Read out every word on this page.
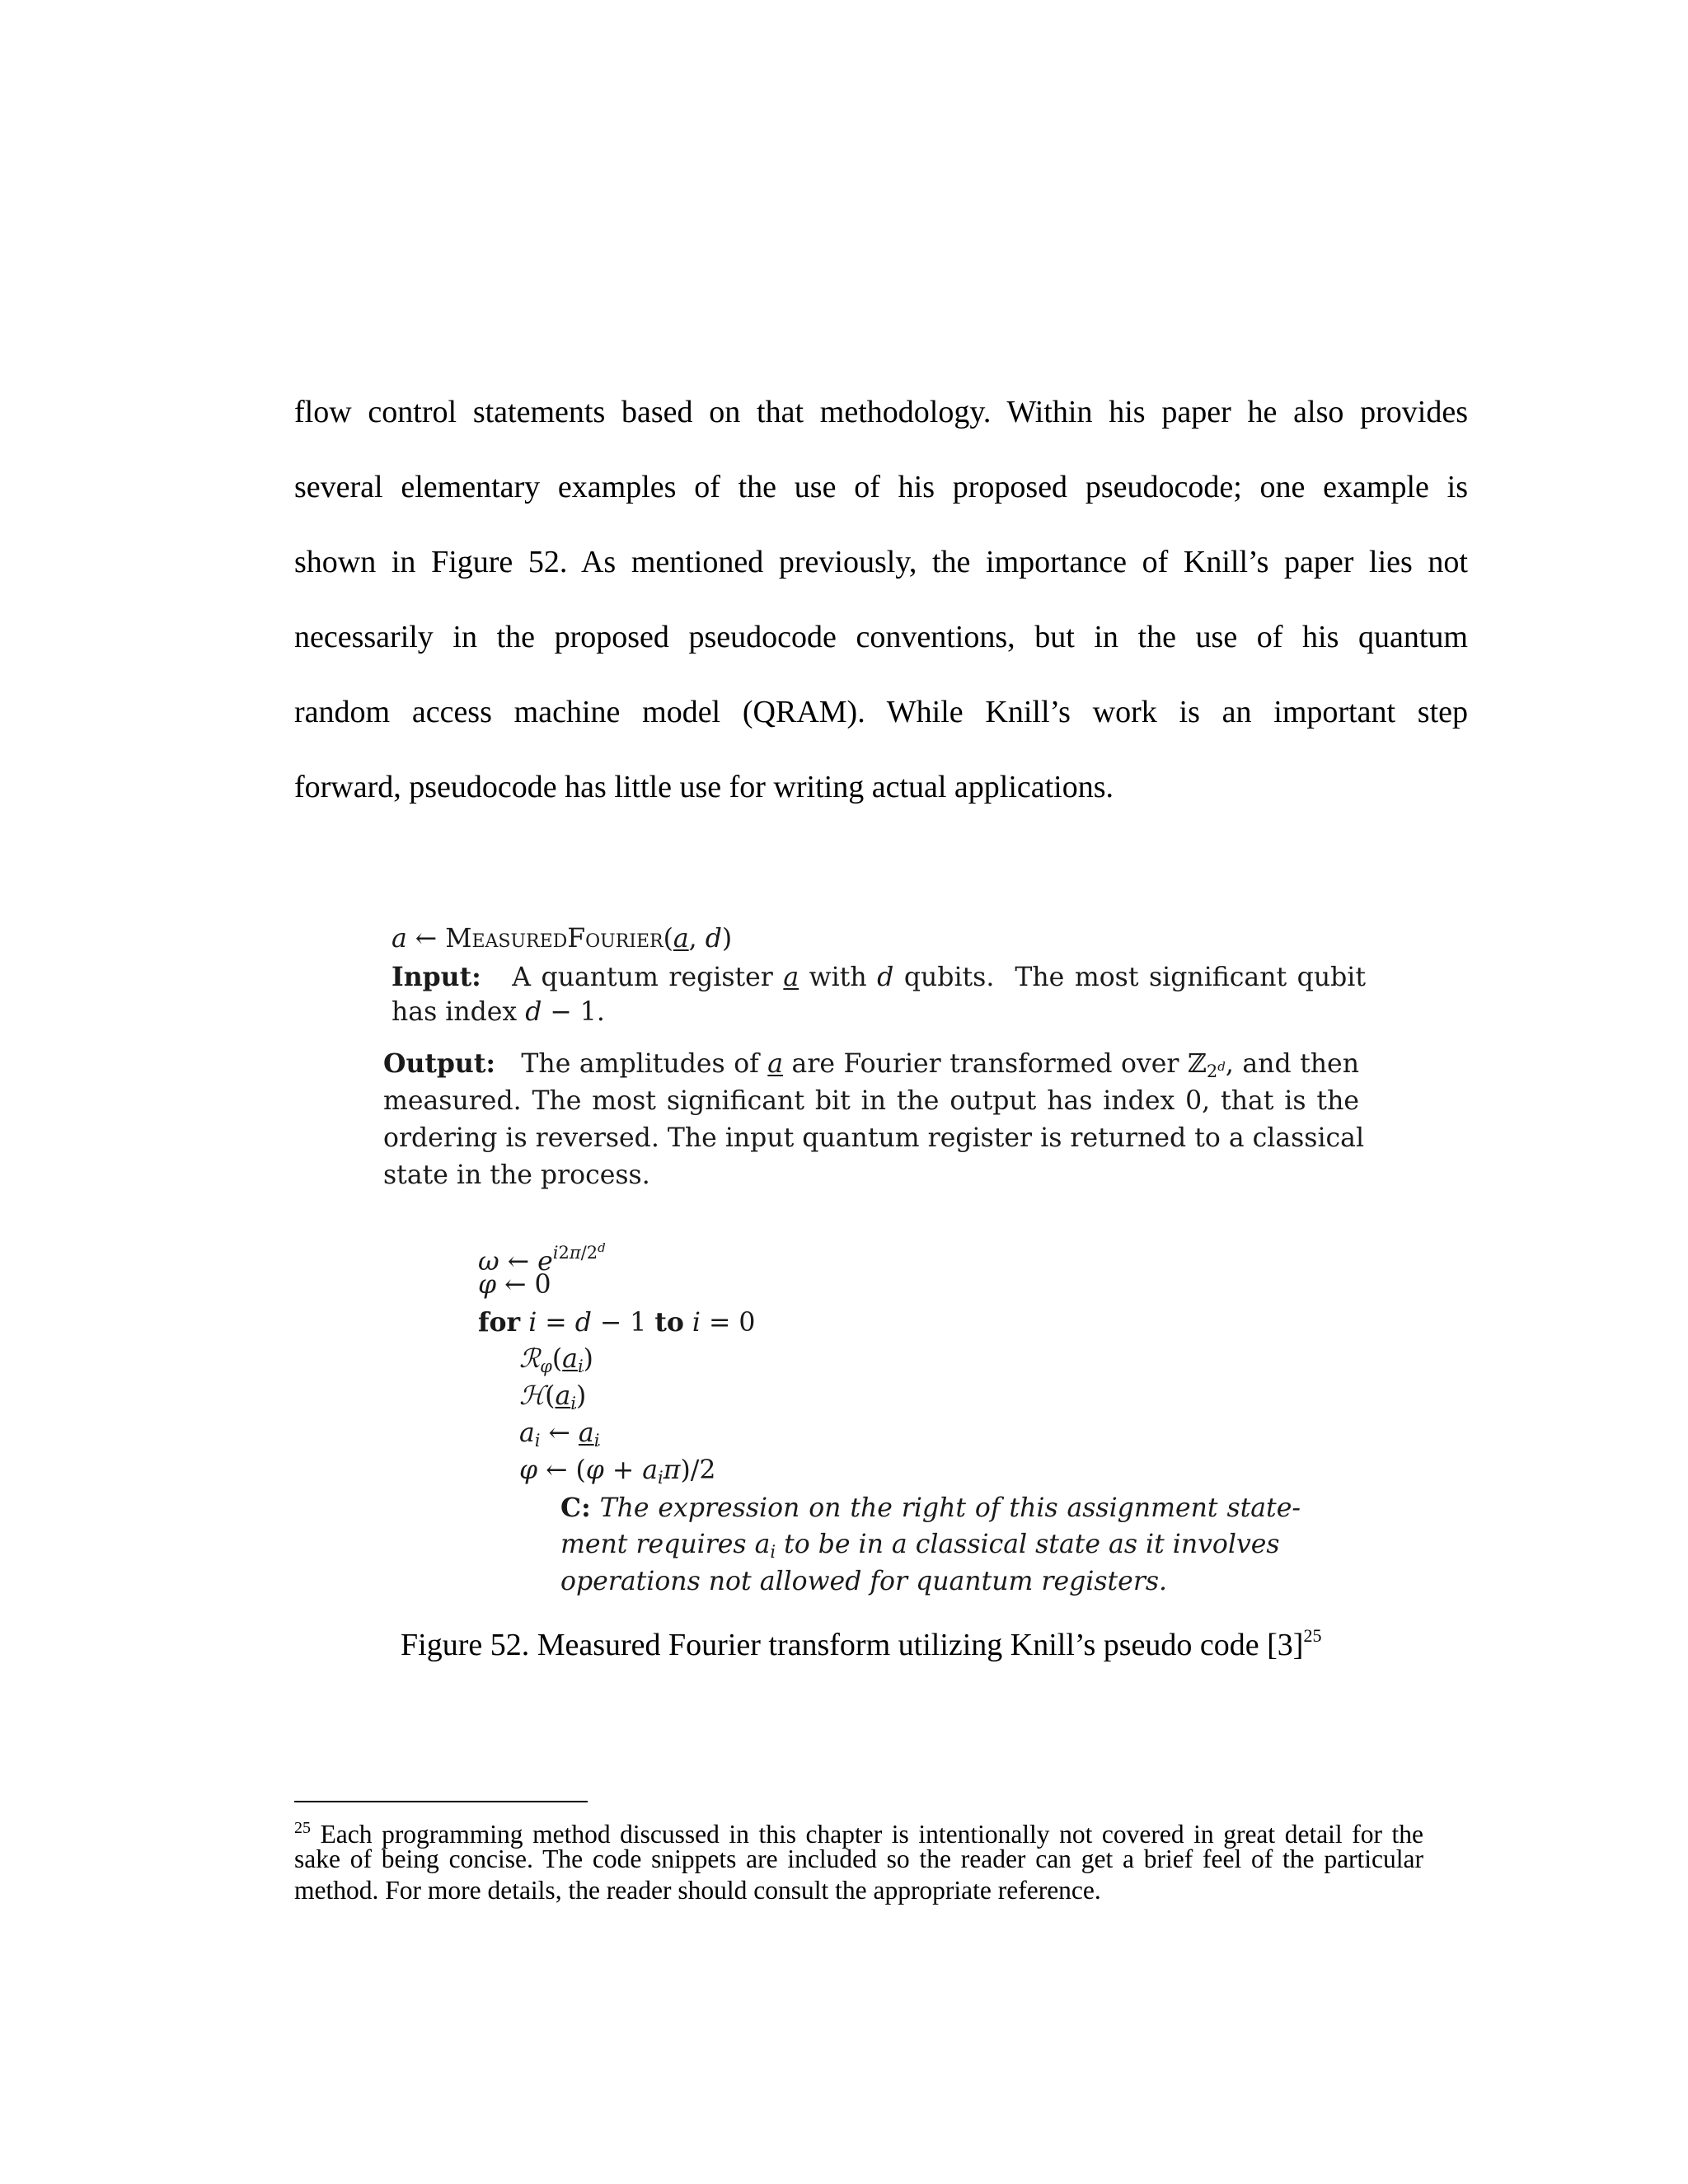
flow control statements based on that methodology. Within his paper he also provides
several elementary examples of the use of his proposed pseudocode; one example is
shown in Figure 52. As mentioned previously, the importance of Knill’s paper lies not
necessarily in the proposed pseudocode conventions, but in the use of his quantum
random access machine model (QRAM). While Knill’s work is an important step
forward, pseudocode has little use for writing actual applications.
a ← MeasuredFourier(a, d)
Input:   A quantum register a with d qubits.  The most significant qubit
has index d − 1.
Output:   The amplitudes of a are Fourier transformed over ℤ$_{2^d}$, and then
measured. The most significant bit in the output has index 0, that is the
ordering is reversed. The input quantum register is returned to a classical
state in the process.
ω ← $e^{i2\pi/2^d}$
φ ← 0
for i = d − 1 to i = 0
$ℛ_\varphi(a_i)$
$ℋ(a_i)$
$a_i$ ← $a_i$
φ ← $(\varphi + a_i\pi)/2$
C: The expression on the right of this assignment state-
ment requires $a_i$ to be in a classical state as it involves
operations not allowed for quantum registers.
Figure 52. Measured Fourier transform utilizing Knill’s pseudo code $[3]^{25}$
$^{25}$ Each programming method discussed in this chapter is intentionally not covered in great detail for the
sake of being concise. The code snippets are included so the reader can get a brief feel of the particular
method. For more details, the reader should consult the appropriate reference.
